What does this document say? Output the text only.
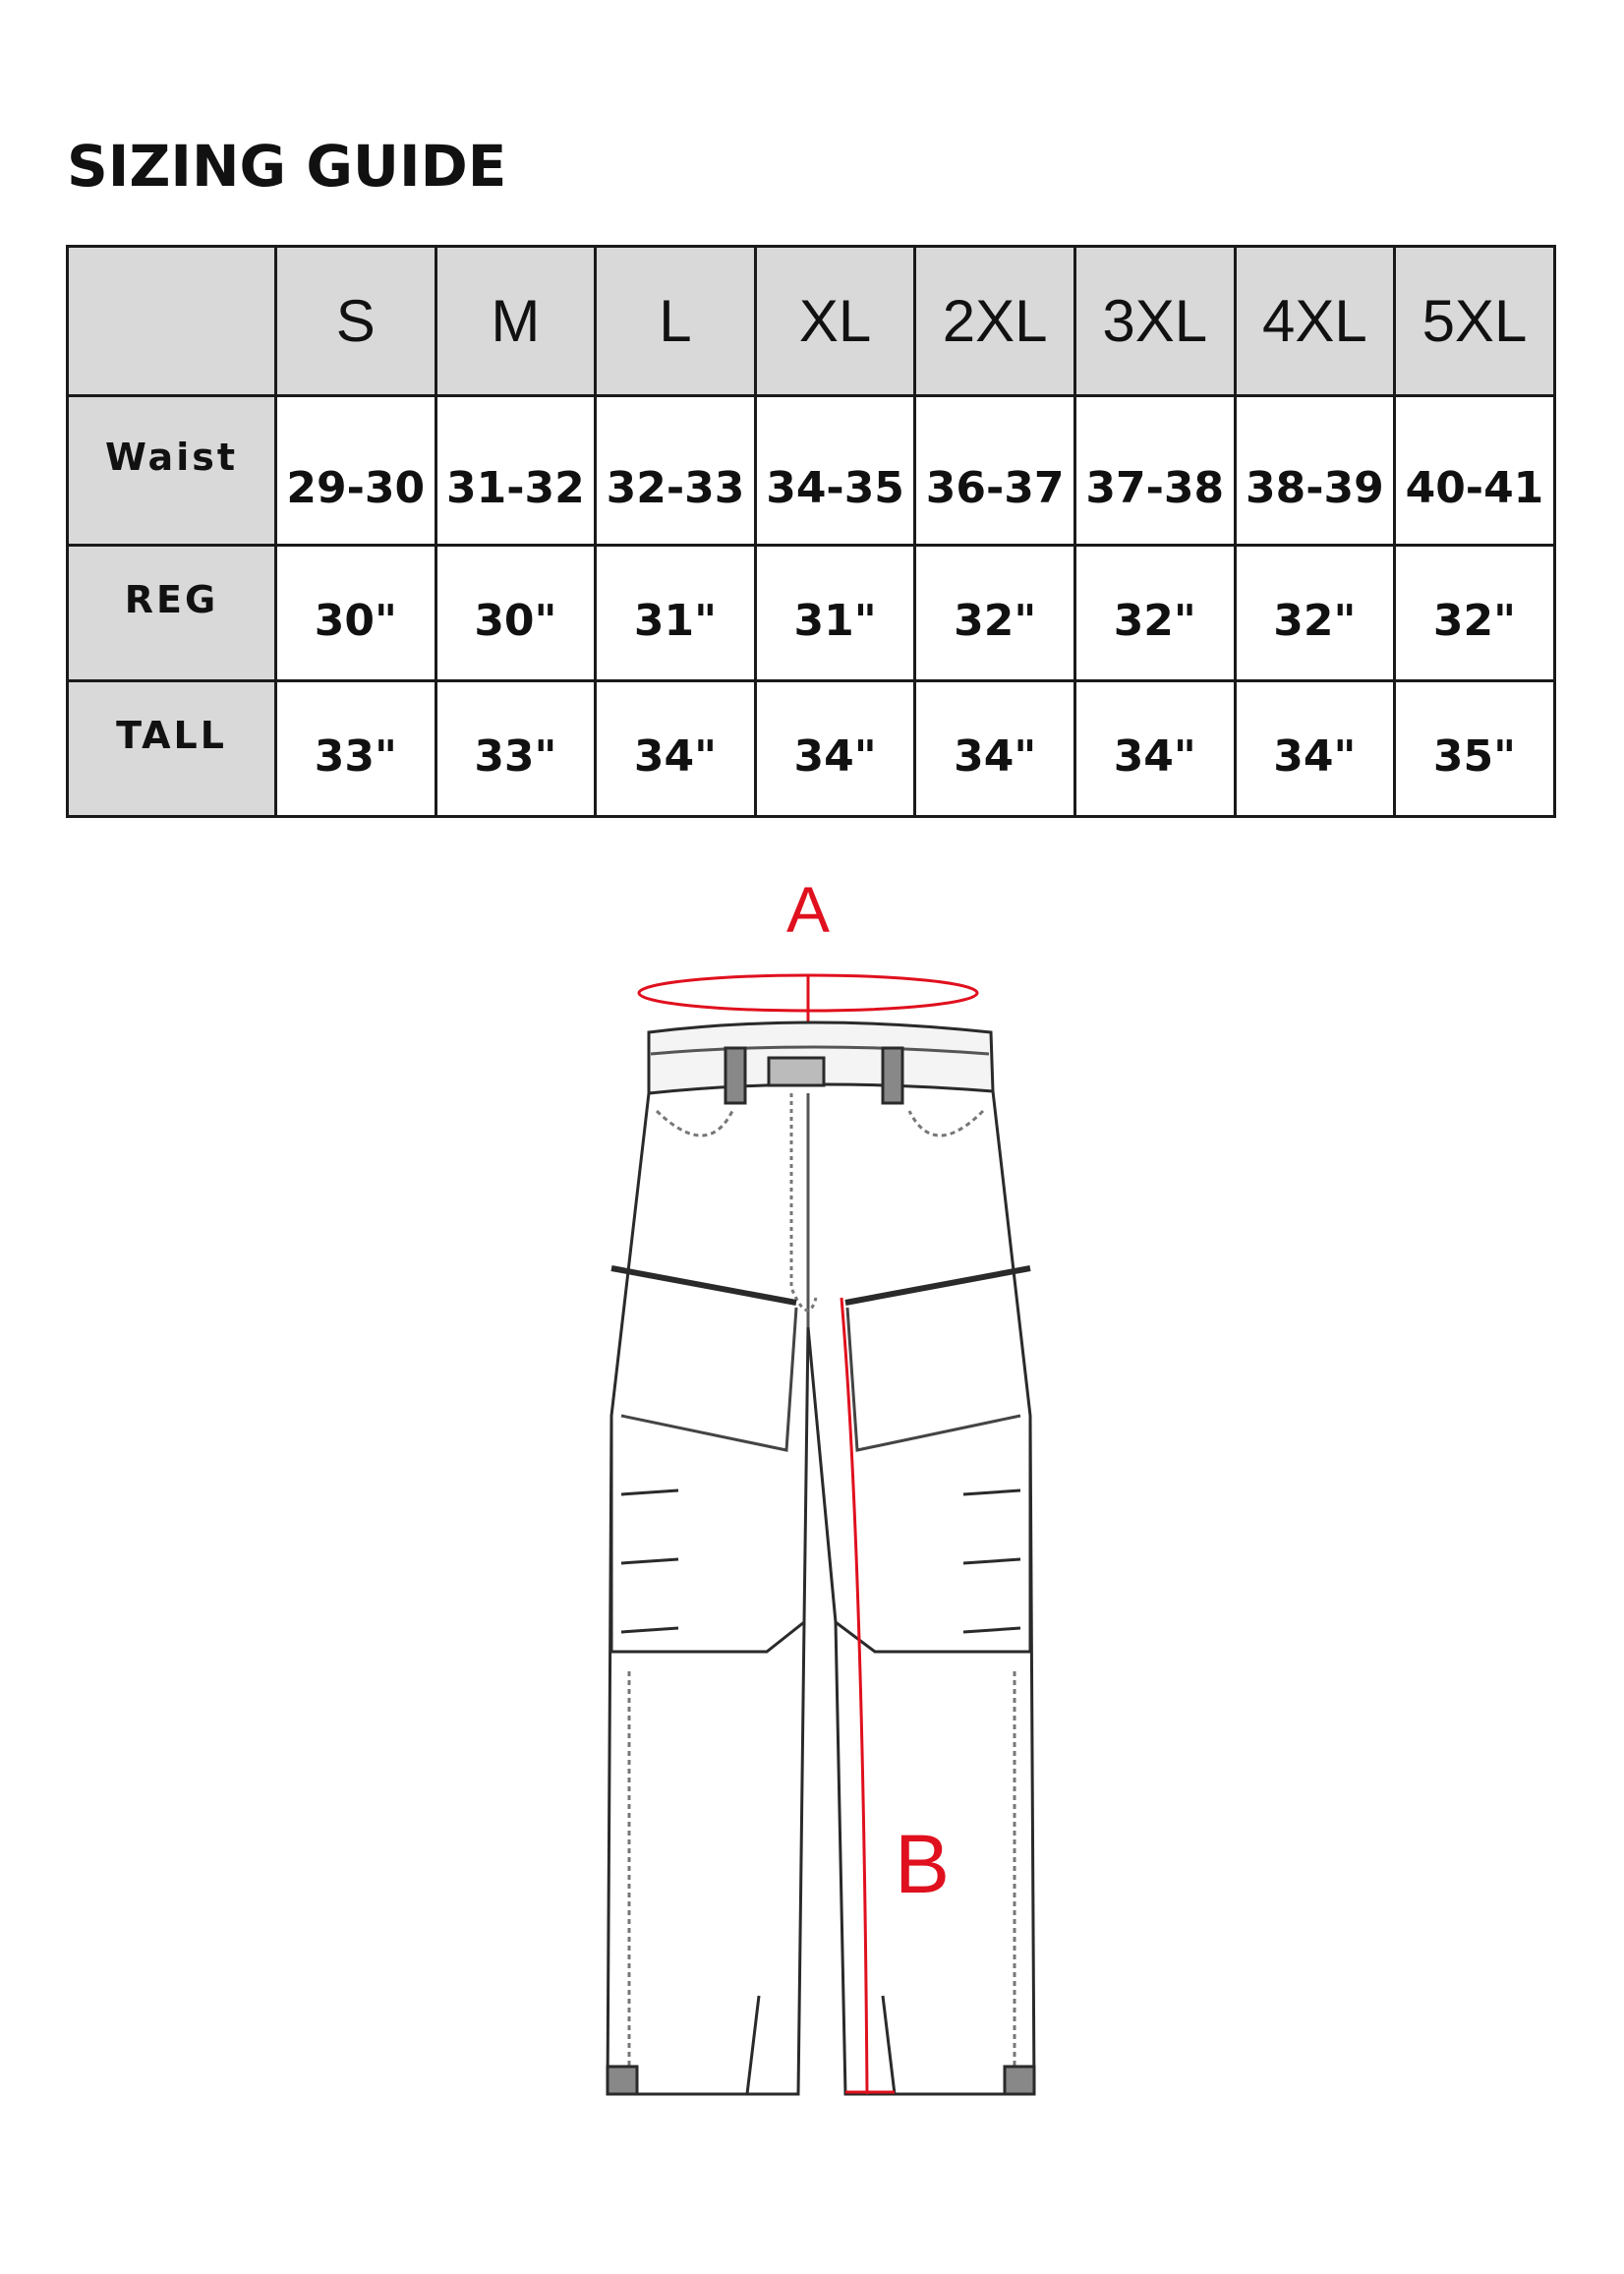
SIZING GUIDE
	S	M	L	XL	2XL	3XL	4XL	5XL
Waist	29-30	31-32	32-33	34-35	36-37	37-38	38-39	40-41
REG	30"	30"	31"	31"	32"	32"	32"	32"
TALL	33"	33"	34"	34"	34"	34"	34"	35"
A
B
